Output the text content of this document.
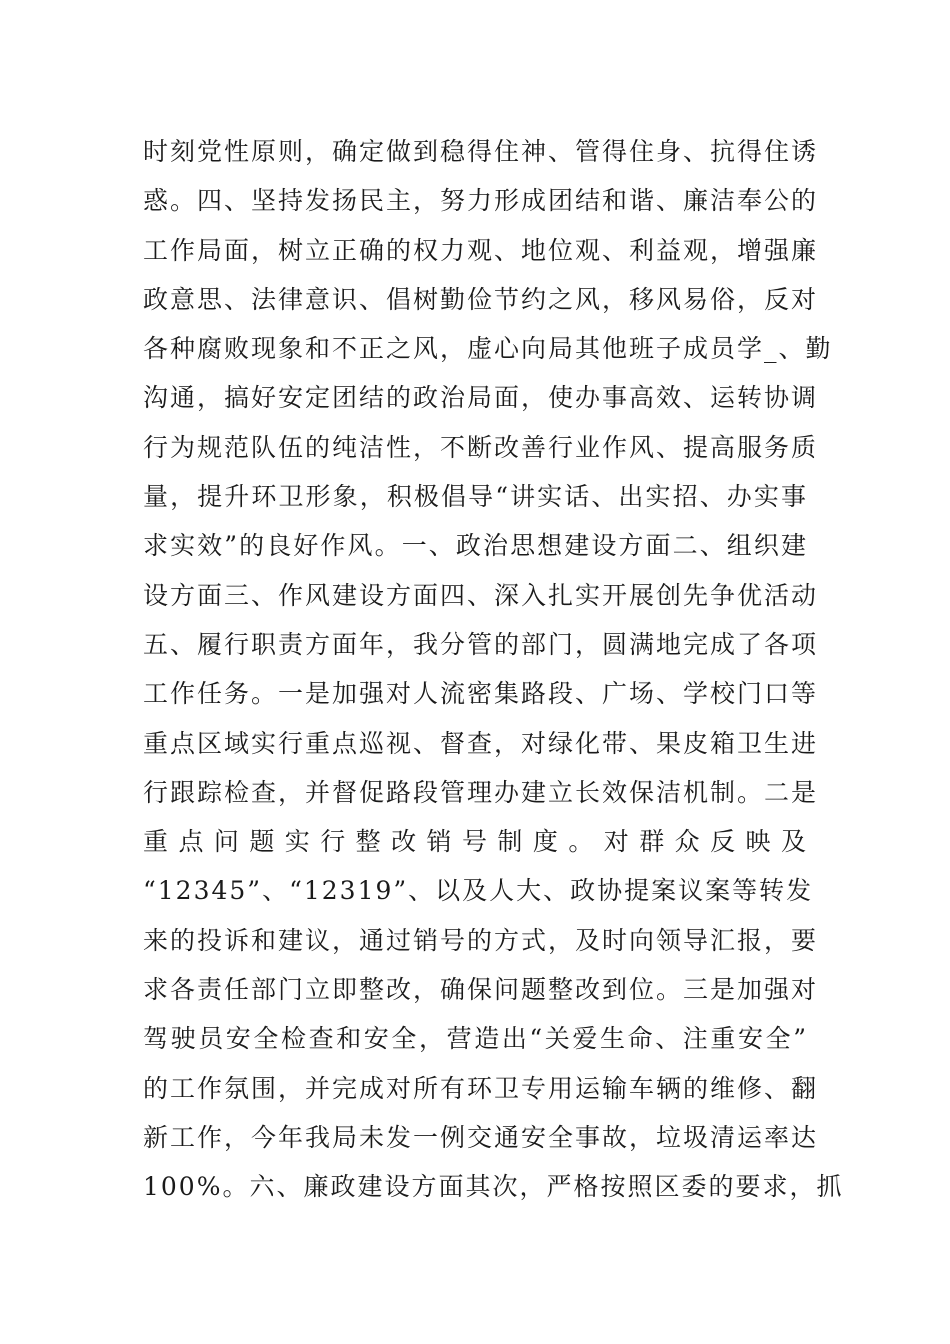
时刻党性原则，确定做到稳得住神、管得住身、抗得住诱
惑。四、坚持发扬民主，努力形成团结和谐、廉洁奉公的
工作局面，树立正确的权力观、地位观、利益观，增强廉
政意思、法律意识、倡树勤俭节约之风，移风易俗，反对
各种腐败现象和不正之风，虚心向局其他班子成员学_、勤
沟通，搞好安定团结的政治局面，使办事高效、运转协调
行为规范队伍的纯洁性，不断改善行业作风、提高服务质
量，提升环卫形象，积极倡导“讲实话、出实招、办实事
求实效”的良好作风。一、政治思想建设方面二、组织建
设方面三、作风建设方面四、深入扎实开展创先争优活动
五、履行职责方面年，我分管的部门，圆满地完成了各项
工作任务。一是加强对人流密集路段、广场、学校门口等
重点区域实行重点巡视、督查，对绿化带、果皮箱卫生进
行跟踪检查，并督促路段管理办建立长效保洁机制。二是
重点问题实行整改销号制度。对群众反映及
“12345”、“12319”、以及人大、政协提案议案等转发
来的投诉和建议，通过销号的方式，及时向领导汇报，要
求各责任部门立即整改，确保问题整改到位。三是加强对
驾驶员安全检查和安全，营造出“关爱生命、注重安全”
的工作氛围，并完成对所有环卫专用运输车辆的维修、翻
新工作，今年我局未发一例交通安全事故，垃圾清运率达
100%。六、廉政建设方面其次，严格按照区委的要求，抓
